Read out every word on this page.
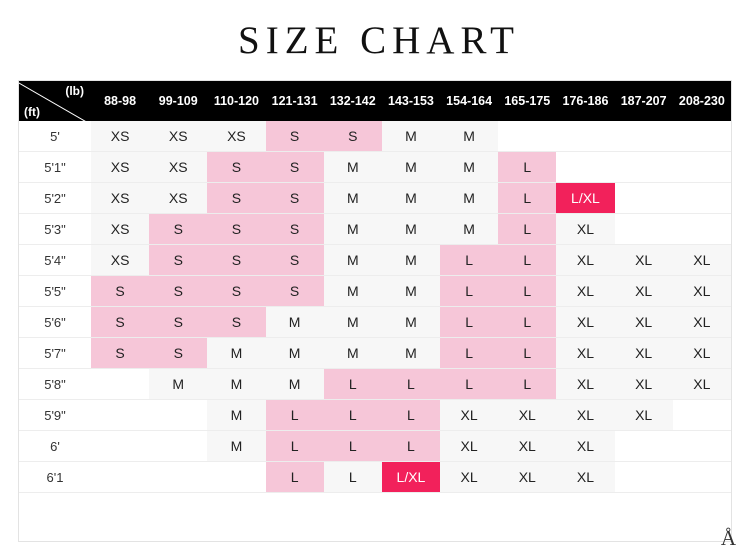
SIZE CHART
(lb)
(ft)	88-98	99-109	110-120	121-131	132-142	143-153	154-164	165-175	176-186	187-207	208-230
5'	XS	XS	XS	S	S	M	M				
5'1"	XS	XS	S	S	M	M	M	L			
5'2"	XS	XS	S	S	M	M	M	L	L/XL		
5'3"	XS	S	S	S	M	M	M	L	XL		
5'4"	XS	S	S	S	M	M	L	L	XL	XL	XL
5'5"	S	S	S	S	M	M	L	L	XL	XL	XL
5'6"	S	S	S	M	M	M	L	L	XL	XL	XL
5'7"	S	S	M	M	M	M	L	L	XL	XL	XL
5'8"		M	M	M	L	L	L	L	XL	XL	XL
5'9"			M	L	L	L	XL	XL	XL	XL	
6'			M	L	L	L	XL	XL	XL		
6'1				L	L	L/XL	XL	XL	XL		
Å
